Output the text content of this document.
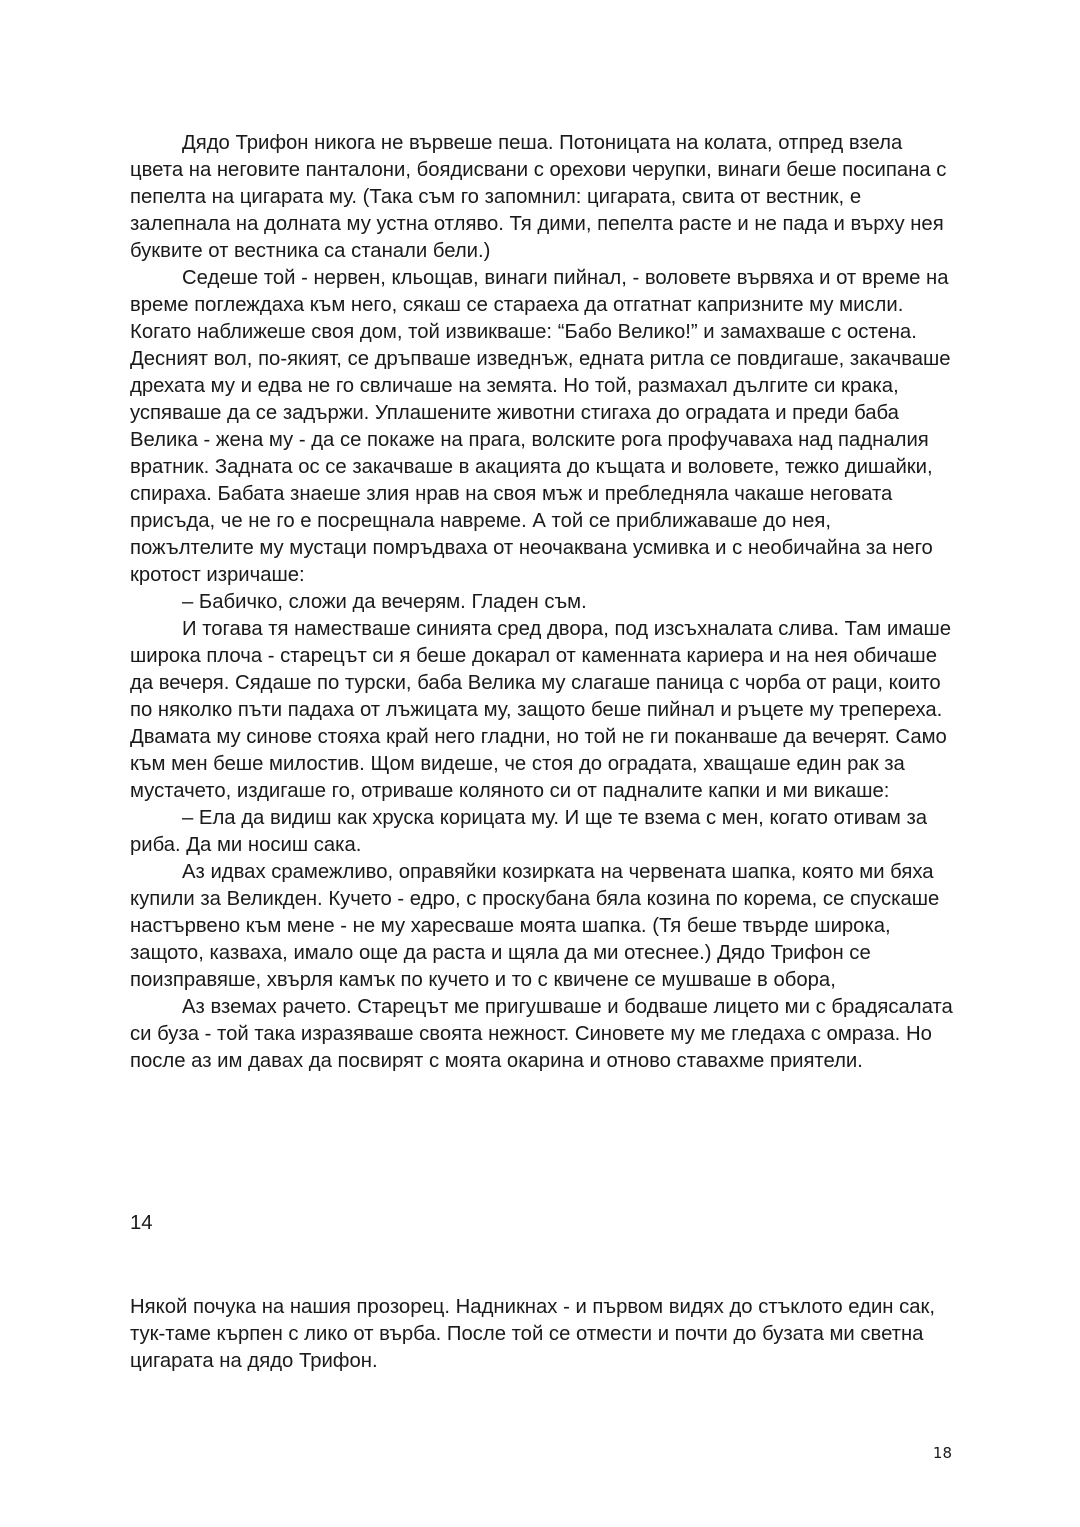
Дядо Трифон никога не вървеше пеша. Потоницата на колата, отпред взела цвета на неговите панталони, боядисвани с орехови черупки, винаги беше посипана с пепелта на цигарата му. (Така съм го запомнил: цигарата, свита от вестник, е залепнала на долната му устна отляво. Тя дими, пепелта расте и не пада и върху нея буквите от вестника са станали бели.)

Седеше той - нервен, кльощав, винаги пийнал, - воловете вървяха и от време на време поглеждаха към него, сякаш се стараеха да отгатнат капризните му мисли. Когато наближеше своя дом, той извикваше: “Бабо Велико!” и замахваше с остена. Десният вол, по-якият, се дръпваше изведнъж, едната ритла се повдигаше, закачваше дрехата му и едва не го свличаше на земята. Но той, размахал дългите си крака, успяваше да се задържи. Уплашените животни стигаха до оградата и преди баба Велика - жена му - да се покаже на прага, волските рога профучаваха над падналия вратник. Задната ос се закачваше в акацията до къщата и воловете, тежко дишайки, спираха. Бабата знаеше злия нрав на своя мъж и пребледняла чакаше неговата присъда, че не го е посрещнала навреме. А той се приближаваше до нея, пожълтелите му мустаци помръдваха от неочаквана усмивка и с необичайна за него кротост изричаше:

– Бабичко, сложи да вечерям. Гладен съм.

И тогава тя наместваше синията сред двора, под изсъхналата слива. Там имаше широка плоча - старецът си я беше докарал от каменната кариера и на нея обичаше да вечеря. Сядаше по турски, баба Велика му слагаше паница с чорба от раци, които по няколко пъти падаха от лъжицата му, защото беше пийнал и ръцете му трепереха. Двамата му синове стояха край него гладни, но той не ги поканваше да вечерят. Само към мен беше милостив. Щом видеше, че стоя до оградата, хващаше един рак за мустачето, издигаше го, отриваше коляното си от падналите капки и ми викаше:

– Ела да видиш как хруска корицата му. И ще те взема с мен, когато отивам за риба. Да ми носиш сака.

Аз идвах срамежливо, оправяйки козирката на червената шапка, която ми бяха купили за Великден. Кучето - едро, с проскубана бяла козина по корема, се спускаше настървено към мене - не му харесваше моята шапка. (Тя беше твърде широка, защото, казваха, имало още да раста и щяла да ми отеснее.) Дядо Трифон се поизправяше, хвърля камък по кучето и то с квичене се мушваше в обора,

Аз вземах рачето. Старецът ме пригушваше и бодваше лицето ми с брадясалата си буза - той така изразяваше своята нежност. Синовете му ме гледаха с омраза. Но после аз им давах да посвирят с моята окарина и отново ставахме приятели.

14

Някой почука на нашия прозорец. Надникнах - и първом видях до стъклото един сак, тук-таме кърпен с лико от върба. После той се отмести и почти до бузата ми светна цигарата на дядо Трифон.

18
